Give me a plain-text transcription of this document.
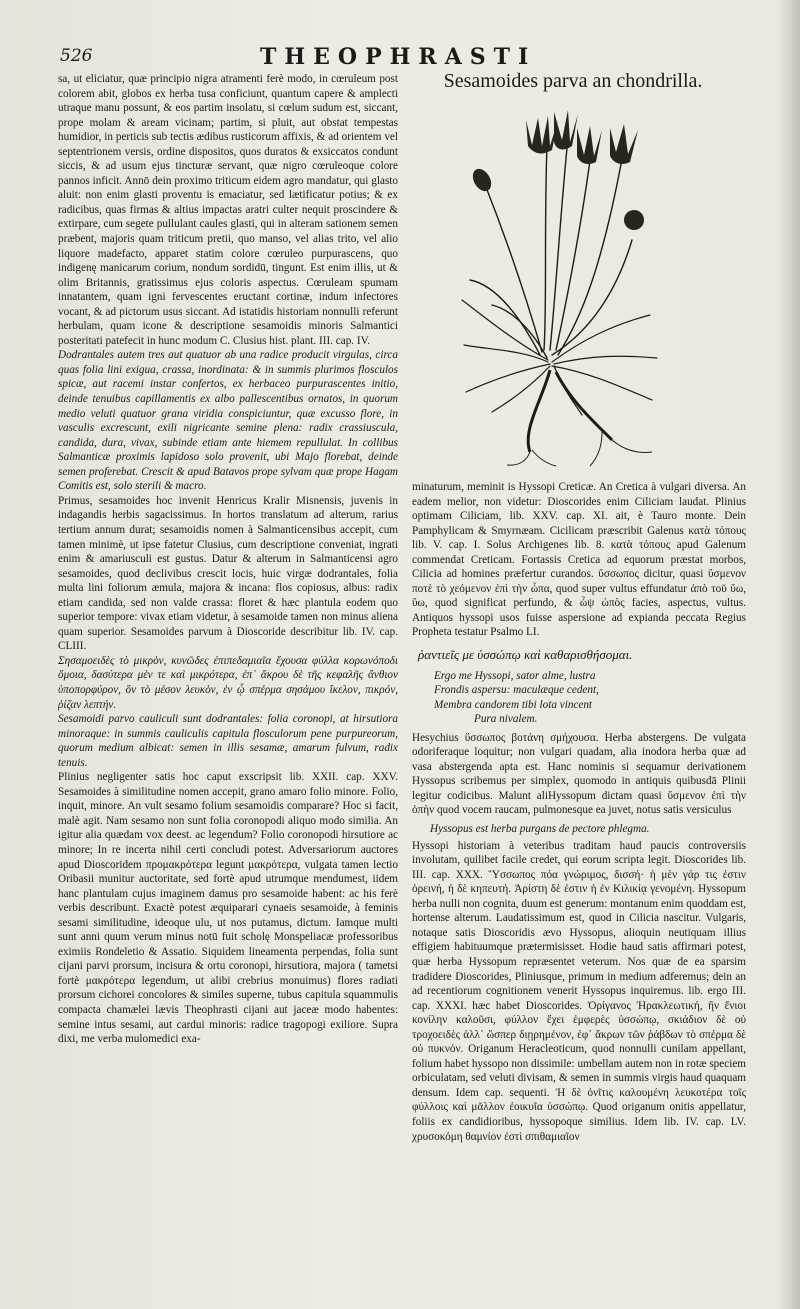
526	THEOPHRASTI

sa, ut eliciatur, quæ principio nigra atramenti ferè modo, in cœruleum post colorem abit, globos ex herba tusa conficiunt, quantum capere & amplecti utraque manu possunt, & eos partim insolatu, si cœlum sudum est, siccant, prope molam & aream vicinam; partim, si pluit, aut obstat tempestas humidior, in perticis sub tectis ædibus rusticorum affixis, & ad orientem vel septentrionem versis, ordine dispositos, quos duratos & exsiccatos condunt siccis, & ad usum ejus tincturæ servant, quæ nigro cœruleoque colore pannos inficit. Annō dein proximo triticum eidem agro mandatur, qui glasto aluit: non enim glasti proventu is emaciatur, sed lætificatur potius; & ex radicibus, quas firmas & altius impactas aratri culter nequit proscindere & extirpare, cum segete pullulant caules glasti, qui in alteram sationem semen præbent, majoris quam triticum pretii, quo manso, vel alias trito, vel alio liquore madefacto, apparet statim colore cœruleo purpurascens, quo indigenę manicarum corium, nondum sordidū, tingunt. Est enim illis, ut & olim Britannis, gratissimus ejus coloris aspectus. Cœruleam spumam innatantem, quam igni fervescentes eructant cortinæ, indum infectores vocant, & ad pictorum usus siccant. Ad istatidis historiam nonnulli referunt herbulam, quam icone & descriptione sesamoidis minoris Salmantici posteritati patefecit in hunc modum C. Clusius hist. plant. III. cap. IV.

Dodrantales autem tres aut quatuor ab una radice producit virgulas, circa quas folia lini exigua, crassa, inordinata: & in summis plurimos flosculos spicæ, aut racemi instar confertos, ex herbaceo purpurascentes initio, deinde tenuibus capillamentis ex albo pallescentibus ornatos, in quorum medio veluti quatuor grana viridia conspiciuntur, quæ excusso flore, in vasculis excrescunt, exili nigricante semine plena: radix crassiuscula, candida, dura, vivax, subinde etiam ante hiemem repullulat. In collibus Salmanticæ proximis lapidoso solo provenit, ubi Majo florebat, deinde semen proferebat. Crescit & apud Batavos prope sylvam quæ prope Hagam Comitis est, solo sterili & macro.

Primus, sesamoides hoc invenit Henricus Kralir Misnensis, juvenis in indagandis herbis sagacissimus. In hortos translatum ad alterum, rarius tertium annum durat; sesamoidis nomen à Salmanticensibus accepit, cum tamen minimè, ut ipse fatetur Clusius, cum descriptione conveniat, ingrati enim & amariusculi est gustus. Datur & alterum in Salmanticensi agro sesamoides, quod declivibus crescit locis, huic virgæ dodrantales, folia multa lini foliorum æmula, majora & incana: flos copiosus, albus: radix etiam candida, sed non valde crassa: floret & hæc plantula eodem quo superior tempore: vivax etiam videtur, à sesamoide tamen non minus aliena quam superior. Sesamoides parvum à Dioscoride describitur lib. IV. cap. CLIII.

Σησαμοειδὲς τὸ μικρὸν, κυνῶδες ἐπιπεδαμιαῖα ἔχουσα φύλλα κορωνόποδι ὅμοια, δασύτερα μὲν τε καὶ μικρότερα, ἐπ᾽ ἄκρου δὲ τῆς κεφαλῆς ἄνθιον ὑποπορφύρον, ὃν τὸ μέσον λευκὸν, ἐν ᾧ σπέρμα σησάμου ἴκελον, πικρόν, ῥίζαν λεπτήν.

Sesamoidi parvo cauliculi sunt dodrantales: folia coronopi, at hirsutiora minoraque: in summis cauliculis capitula flosculorum pene purpureorum, quorum medium albicat: semen in illis sesamæ, amarum fulvum, radix tenuis.

Plinius negligenter satis hoc caput exscripsit lib. XXII. cap. XXV. Sesamoides à similitudine nomen accepit, grano amaro folio minore. Folio, inquit, minore. An vult sesamo folium sesamoidis comparare? Hoc si facit, malè agit. Nam sesamo non sunt folia coronopodi aliquo modo similia. An igitur alia quædam vox deest. ac legendum? Folio coronopodi hirsutiore ac minore; In re incerta nihil certi concludi potest. Adversariorum auctores apud Dioscoridem προμακρότερα legunt μακρότερα, vulgata tamen lectio Oribasii munitur auctoritate, sed fortè apud utrumque mendumest, iidem hanc plantulam cujus imaginem damus pro sesamoide habent: ac his ferè verbis describunt. Exactè potest æquiparari cynaeis sesamoide, à feminis sesami similitudine, ideoque ulu, ut nos putamus, dictum. Iamque multi sunt anni quum verum minus notū fuit scholę Monspeliacæ professoribus eximiis Rondeletio & Assatio. Siquidem lineamenta perpendas, folia sunt cijani parvi prorsum, incisura & ortu coronopi, hirsutiora, majora ( tametsi fortè μακρότερα legendum, ut alibi crebrius monuimus) flores radiati prorsum cichorei concolores & similes superne, tubus capitula squammulis compacta chamælei lævis Theophrasti cijani aut jaceæ modo habentes: semine intus sesami, aut cardui minoris: radice tragopogi exiliore. Supra dixi, me verba mulomedici exa-

Sesamoides parva an chondrilla.

minaturum, meminit is Hyssopi Creticæ. An Cretica à vulgari diversa. An eadem melior, non videtur: Dioscorides enim Ciliciam laudat. Plinius optimam Ciliciam, lib. XXV. cap. XI. ait, è Tauro monte. Dein Pamphylicam & Smyrnæam. Cicilicam præscribit Galenus κατὰ τόπους lib. V. cap. I. Solus Archigenes lib. 8. κατὰ τόπους apud Galenum commendat Creticam. Fortassis Cretica ad equorum præstat morbos, Cilicia ad homines præfertur curandos. ὕσσωπος dicitur, quasi ὕσμενον ποτὲ τὸ χεόμενον ἐπὶ τὴν ὦπα, quod super vultus effundatur ἀπὸ τοῦ ὕω, ὕω, quod significat perfundo, & ὦψ ὠπὸς facies, aspectus, vultus. Antiquos hyssopi usos fuisse aspersione ad expianda peccata Regius Propheta testatur Psalmo LI.

ῥαντιεῖς με ὑσσώπῳ καὶ καθαρισθήσομαι.
Ergo me Hyssopi, sator alme, lustra
Frondis aspersu: maculæque cedent,
Membra candorem tibi lota vincent
Pura nivalem.

Hesychius ὕσσωπος βοτάνη σμήχουσα. Herba abstergens. De vulgata odoriferaque loquitur; non vulgari quadam, alia inodora herba quæ ad vasa abstergenda apta est. Hanc nominis si sequamur derivationem Hyssopus scribemus per simplex, quomodo in antiquis quibusdā Plinii legitur codicibus. Malunt aliHyssopum dictam quasi ὕσμενον ἐπὶ τὴν ὀπὴν quod vocem raucam, pulmonesque ea juvet, notus satis versiculus

Hyssopus est herba purgans de pectore phlegma.

Hyssopi historiam à veteribus traditam haud paucis controversiis involutam, quilibet facile credet, qui eorum scripta legit. Dioscorides lib. III. cap. XXX. Ὕσσωπος πόα γνώριμος, δισσή· ἡ μὲν γάρ τις ἐστιν ὀρεινή, ἡ δὲ κηπευτή. Ἀρίστη δὲ ἐστιν ἡ ἐν Κιλικίᾳ γενομένη. Hyssopum herba nulli non cognita, duum est generum: montanum enim quoddam est, hortense alterum. Laudatissimum est, quod in Cilicia nascitur. Vulgaris, notaque satis Dioscoridis ævo Hyssopus, alioquin neutiquam illius effigiem habituumque prætermisisset. Hodie haud satis affirmari potest, quæ herba Hyssopum repræsentet veterum. Nos quæ de ea sparsim tradidere Dioscorides, Pliniusque, primum in medium adferemus; dein an ad recentiorum cognitionem venerit Hyssopus inquiremus. lib. ergo III. cap. XXXI. hæc habet Dioscorides. Ὀρίγανος Ἡρακλεωτική, ἣν ἔνιοι κονίλην καλοῦσι, φύλλον ἔχει ἐμφερὲς ὑσσώπῳ, σκιάδιον δὲ οὐ τροχοειδὲς ἀλλ᾽ ὥσπερ διῃρημένον, ἐφ᾽ ἄκρων τῶν ῥάβδων τὸ σπέρμα δὲ οὐ πυκνόν. Origanum Heracleoticum, quod nonnulli cunilam appellant, folium habet hyssopo non dissimile: umbellam autem non in rotæ speciem orbiculatam, sed veluti divisam, & semen in summis virgis haud quaquam densum. Idem cap. sequenti. Ἡ δὲ ὀνῖτις καλουμένη λευκοτέρα τοῖς φύλλοις καὶ μᾶλλον ἐοικυῖα ὑσσώπῳ. Quod origanum onitis appellatur, foliis ex candidioribus, hyssopoque similius. Idem lib. IV. cap. LV. χρυσοκόμη θαμνίον ἐστὶ σπιθαμιαῖον
